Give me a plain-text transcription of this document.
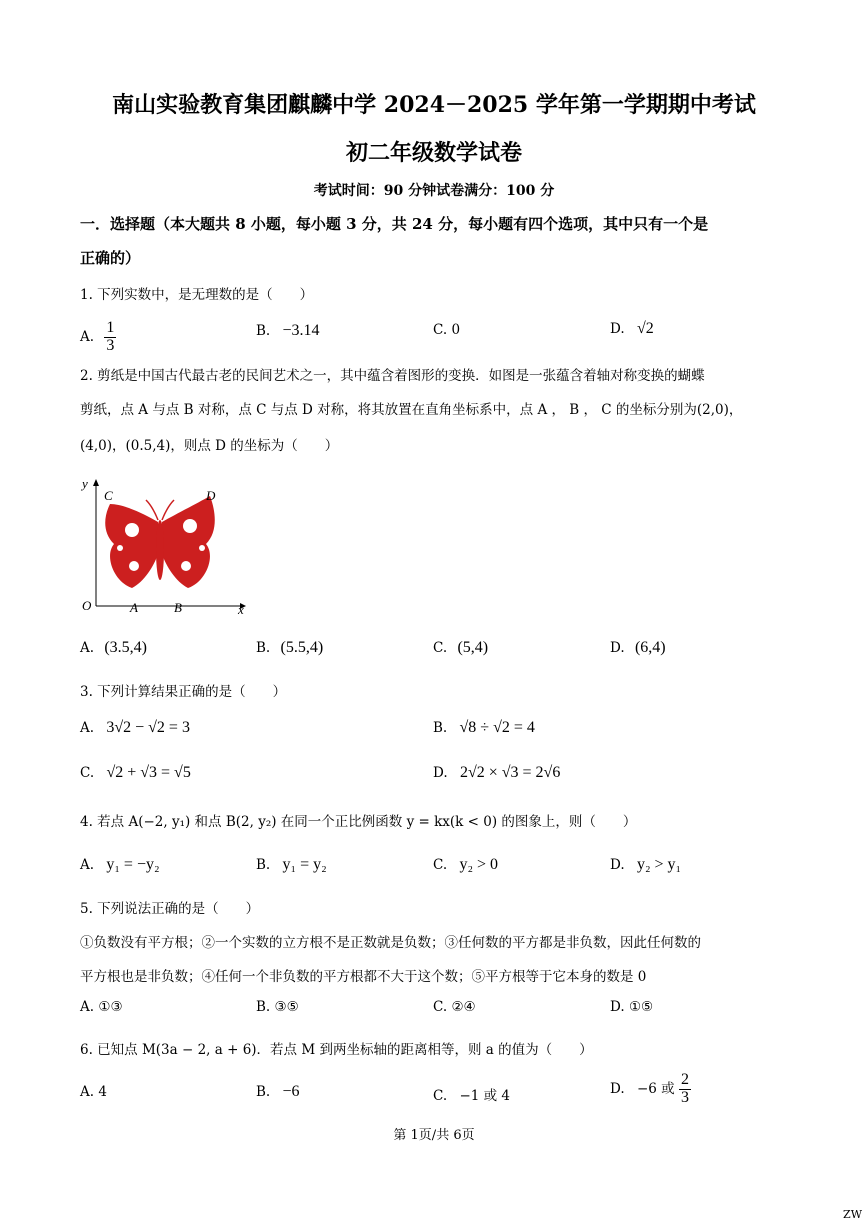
南山实验教育集团麒麟中学 2024－2025 学年第一学期期中考试
初二年级数学试卷
考试时间：90 分钟试卷满分：100 分
一．选择题（本大题共 8 小题，每小题 3 分，共 24 分，每小题有四个选项，其中只有一个是
正确的）
1. 下列实数中，是无理数的是（　　）
A. $\frac{1}{3}$	B. −3.14	C. 0	D. √2
2. 剪纸是中国古代最古老的民间艺术之一，其中蕴含着图形的变换．如图是一张蕴含着轴对称变换的蝴蝶
剪纸，点 A 与点 B 对称，点 C 与点 D 对称，将其放置在直角坐标系中，点 A ， B ， C 的坐标分别为(2,0)，
(4,0)，(0.5,4)，则点 D 的坐标为（　　）
y
x
O	A	B
C	D
A. (3.5,4)	B. (5.5,4)	C. (5,4)	D. (6,4)
3. 下列计算结果正确的是（　　）
A. 3√2 − √2 = 3	B. √8 ÷ √2 = 4
C. √2 + √3 = √5	D. 2√2 × √3 = 2√6
4. 若点 A(−2, y₁) 和点 B(2, y₂) 在同一个正比例函数 y = kx(k < 0) 的图象上，则（　　）
A. y₁ = −y₂	B. y₁ = y₂	C. y₂ > 0	D. y₂ > y₁
5. 下列说法正确的是（　　）
①负数没有平方根；②一个实数的立方根不是正数就是负数；③任何数的平方都是非负数，因此任何数的
平方根也是非负数；④任何一个非负数的平方根都不大于这个数；⑤平方根等于它本身的数是 0
A. ①③	B. ③⑤	C. ②④	D. ①⑤
6. 已知点 M(3a − 2, a + 6)．若点 M 到两坐标轴的距离相等，则 a 的值为（　　）
A. 4	B. −6	C. −1 或 4	D. −6 或 $\frac{2}{3}$
第 1页/共 6页
ZW
